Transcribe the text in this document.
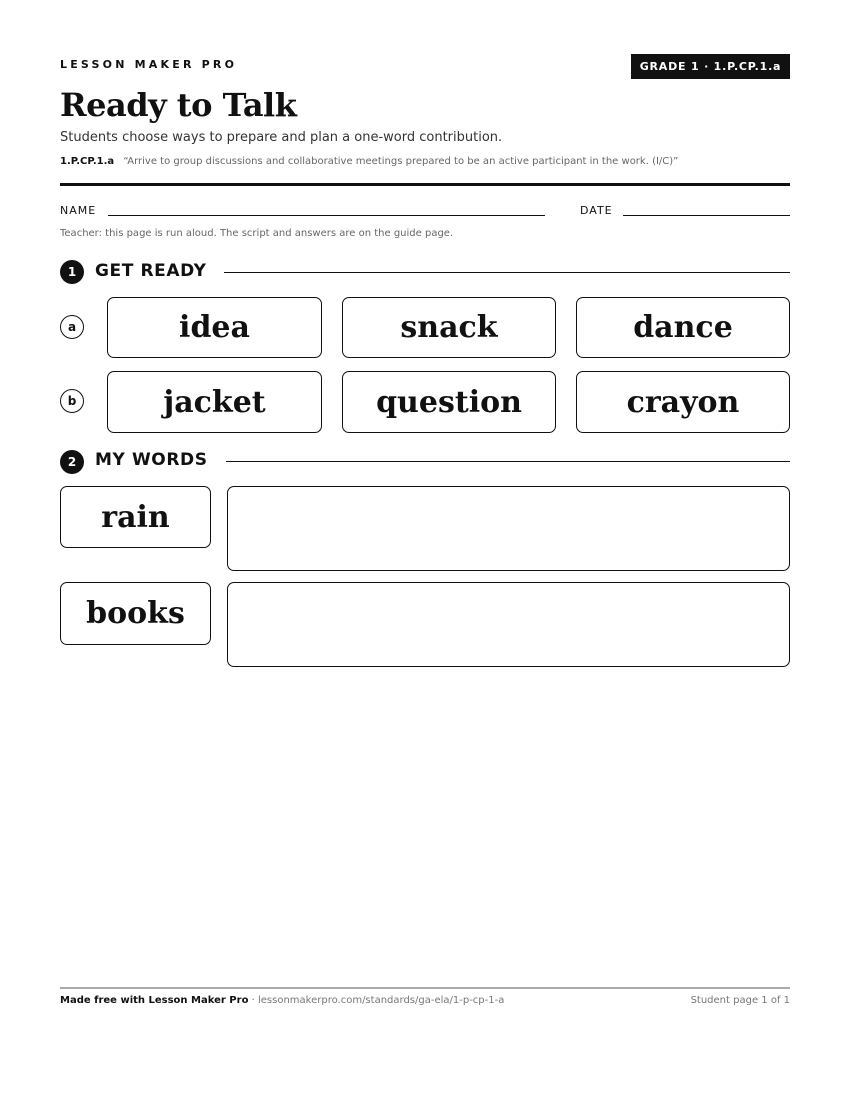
LESSON MAKER PRO	GRADE 1 · 1.P.CP.1.a
Ready to Talk
Students choose ways to prepare and plan a one-word contribution.
1.P.CP.1.a “Arrive to group discussions and collaborative meetings prepared to be an active participant in the work. (I/C)”
NAME	DATE
Teacher: this page is run aloud. The script and answers are on the guide page.
1	GET READY
a	idea	snack	dance
b	jacket	question	crayon
2	MY WORDS
rain
books
Made free with Lesson Maker Pro · lessonmakerpro.com/standards/ga-ela/1-p-cp-1-a	Student page 1 of 1
